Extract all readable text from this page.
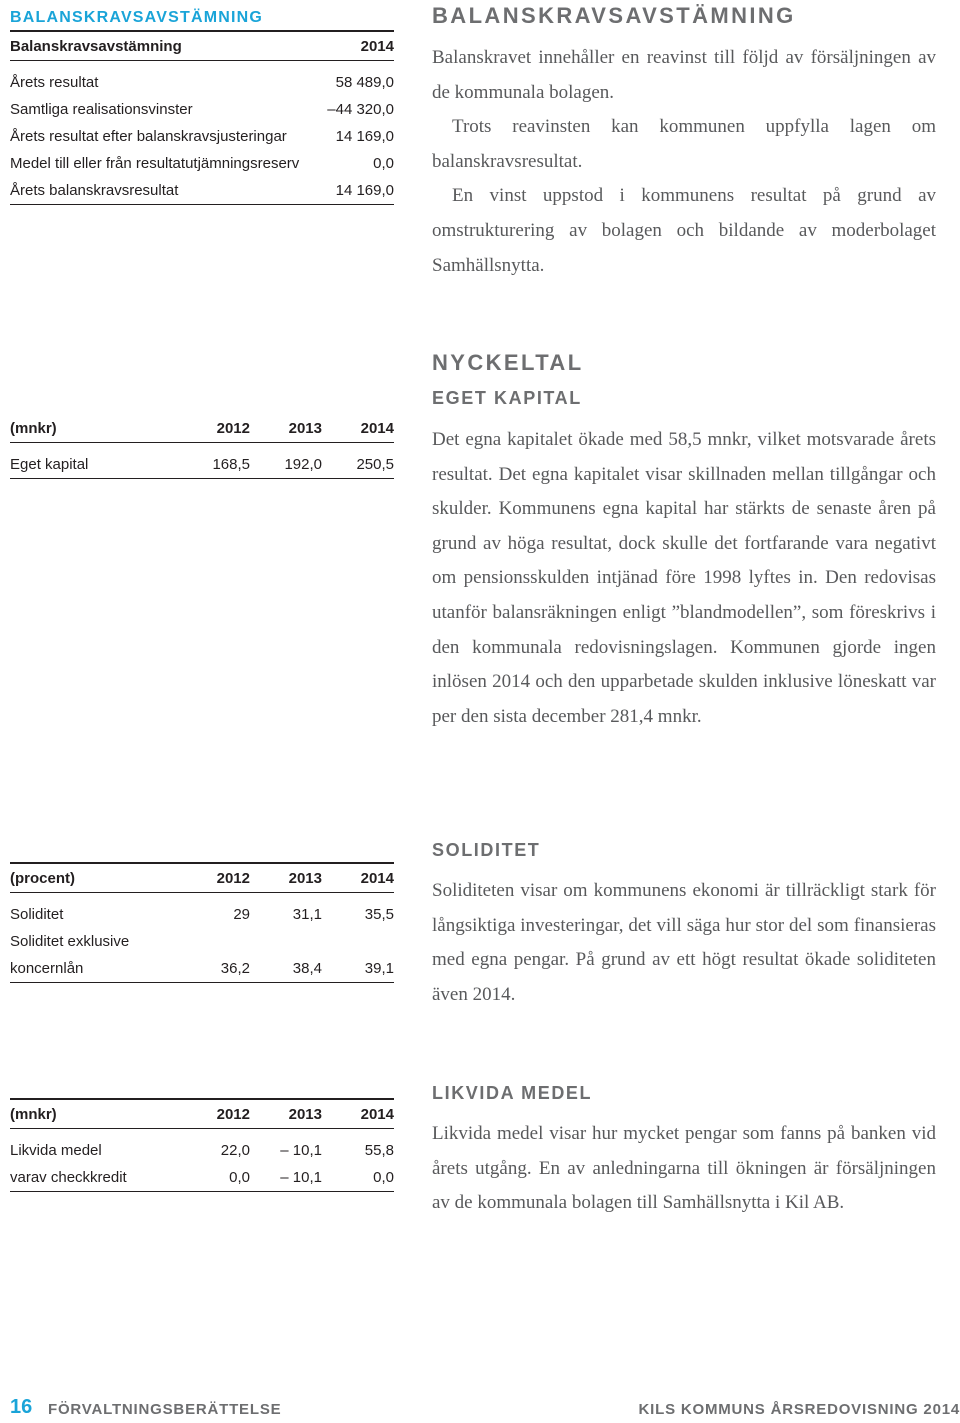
BALANSKRAVSAVSTÄMNING
Balanskravsavstämning	2014
Årets resultat	58 489,0
Samtliga realisationsvinster	–44 320,0
Årets resultat efter balanskravsjusteringar	14 169,0
Medel till eller från resultatutjämningsreserv	0,0
Årets balanskravsresultat	14 169,0
BALANSKRAVSAVSTÄMNING

Balanskravet innehåller en reavinst till följd av försäljningen av de kommunala bolagen.

Trots reavinsten kan kommunen uppfylla lagen om balanskravsresultat.

En vinst uppstod i kommunens resultat på grund av omstrukturering av bolagen och bildande av moderbolaget Samhällsnytta.

NYCKELTAL
EGET KAPITAL
(mnkr)	2012	2013	2014
Eget kapital	168,5	192,0	250,5

Det egna kapitalet ökade med 58,5 mnkr, vilket motsvarade årets resultat. Det egna kapitalet visar skillnaden mellan tillgångar och skulder. Kommunens egna kapital har stärkts de senaste åren på grund av höga resultat, dock skulle det fortfarande vara negativt om pensionsskulden intjänad före 1998 lyftes in. Den redovisas utanför balansräkningen enligt ”blandmodellen”, som föreskrivs i den kommunala redovisningslagen. Kommunen gjorde ingen inlösen 2014 och den upparbetade skulden inklusive löneskatt var per den sista december 281,4 mnkr.

SOLIDITET
(procent)	2012	2013	2014
Soliditet	29	31,1	35,5
Soliditet exklusive
koncernlån	36,2	38,4	39,1

Soliditeten visar om kommunens ekonomi är tillräckligt stark för långsiktiga investeringar, det vill säga hur stor del som finansieras med egna pengar. På grund av ett högt resultat ökade soliditeten även 2014.

LIKVIDA MEDEL
(mnkr)	2012	2013	2014
Likvida medel	22,0	– 10,1	55,8
varav checkkredit	0,0	– 10,1	0,0

Likvida medel visar hur mycket pengar som fanns på banken vid årets utgång. En av anledningarna till ökningen är försäljningen av de kommunala bolagen till Samhällsnytta i Kil AB.

16 FÖRVALTNINGSBERÄTTELSE	KILS KOMMUNS ÅRSREDOVISNING 2014
